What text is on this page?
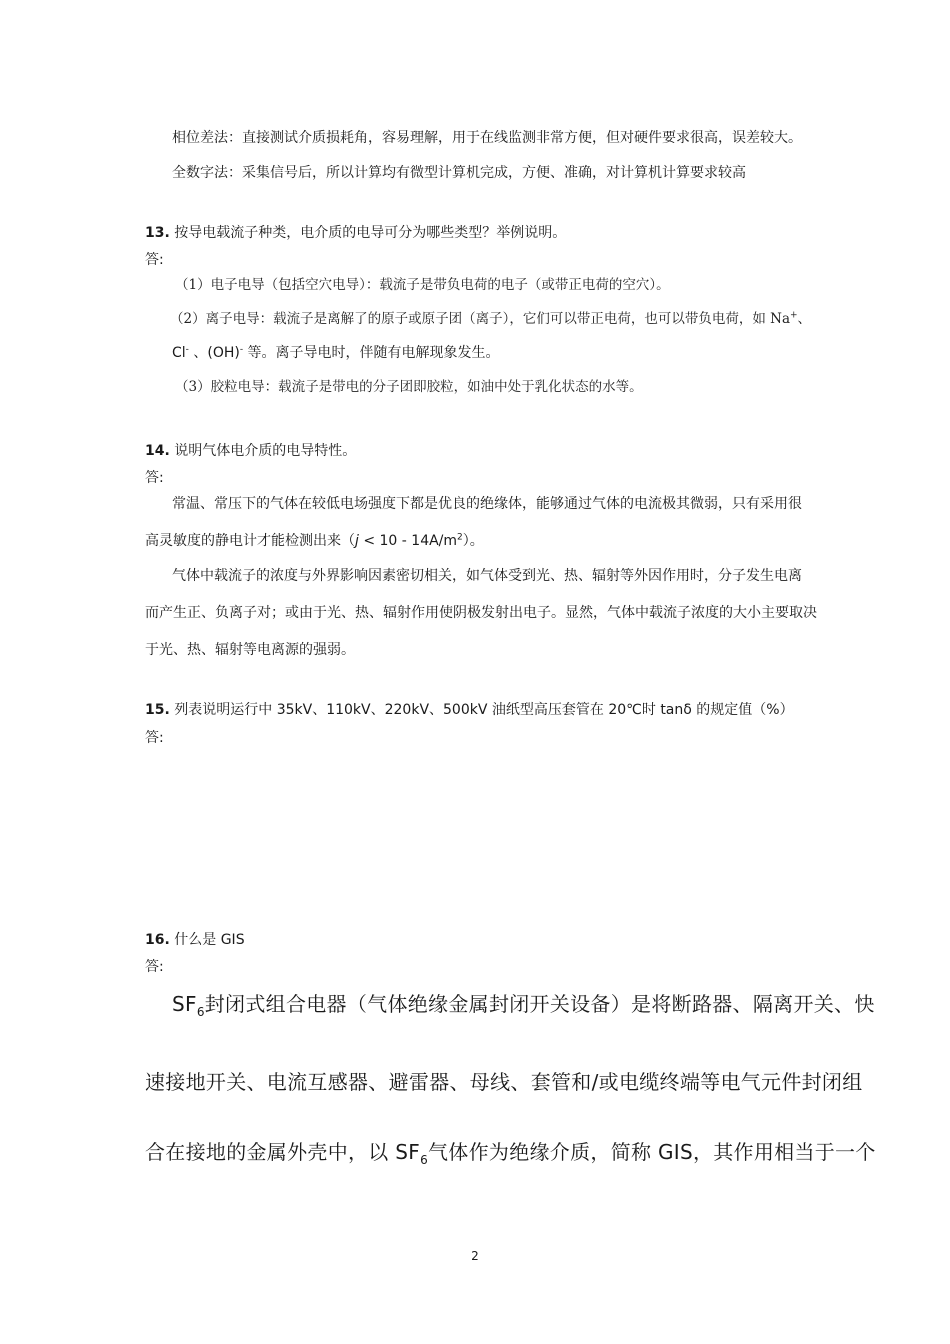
相位差法：直接测试介质损耗角，容易理解，用于在线监测非常方便，但对硬件要求很高，误差较大。
全数字法：采集信号后，所以计算均有微型计算机完成，方便、准确，对计算机计算要求较高
13. 按导电载流子种类，电介质的电导可分为哪些类型？举例说明。
答:
（1）电子电导（包括空穴电导）：载流子是带负电荷的电子（或带正电荷的空穴）。
（2）离子电导：载流子是离解了的原子或原子团（离子），它们可以带正电荷，也可以带负电荷，如 Na+、
Cl- 、(OH)- 等。离子导电时，伴随有电解现象发生。
（3）胶粒电导：载流子是带电的分子团即胶粒，如油中处于乳化状态的水等。
14. 说明气体电介质的电导特性。
答:
常温、常压下的气体在较低电场强度下都是优良的绝缘体，能够通过气体的电流极其微弱，只有采用很
高灵敏度的静电计才能检测出来$(j < 10 - 14A/m^2)$。
气体中载流子的浓度与外界影响因素密切相关，如气体受到光、热、辐射等外因作用时，分子发生电离
而产生正、负离子对；或由于光、热、辐射作用使阴极发射出电子。显然，气体中载流子浓度的大小主要取决
于光、热、辐射等电离源的强弱。
15. 列表说明运行中 35kV、110kV、220kV、500kV 油纸型高压套管在 20℃时 tanδ 的规定值（%）
答:
16. 什么是 GIS
答:
$SF_6$封闭式组合电器（气体绝缘金属封闭开关设备）是将断路器、隔离开关、快
速接地开关、电流互感器、避雷器、母线、套管和/或电缆终端等电气元件封闭组
合在接地的金属外壳中，以 $SF_6$气体作为绝缘介质，简称 GIS，其作用相当于一个
2
